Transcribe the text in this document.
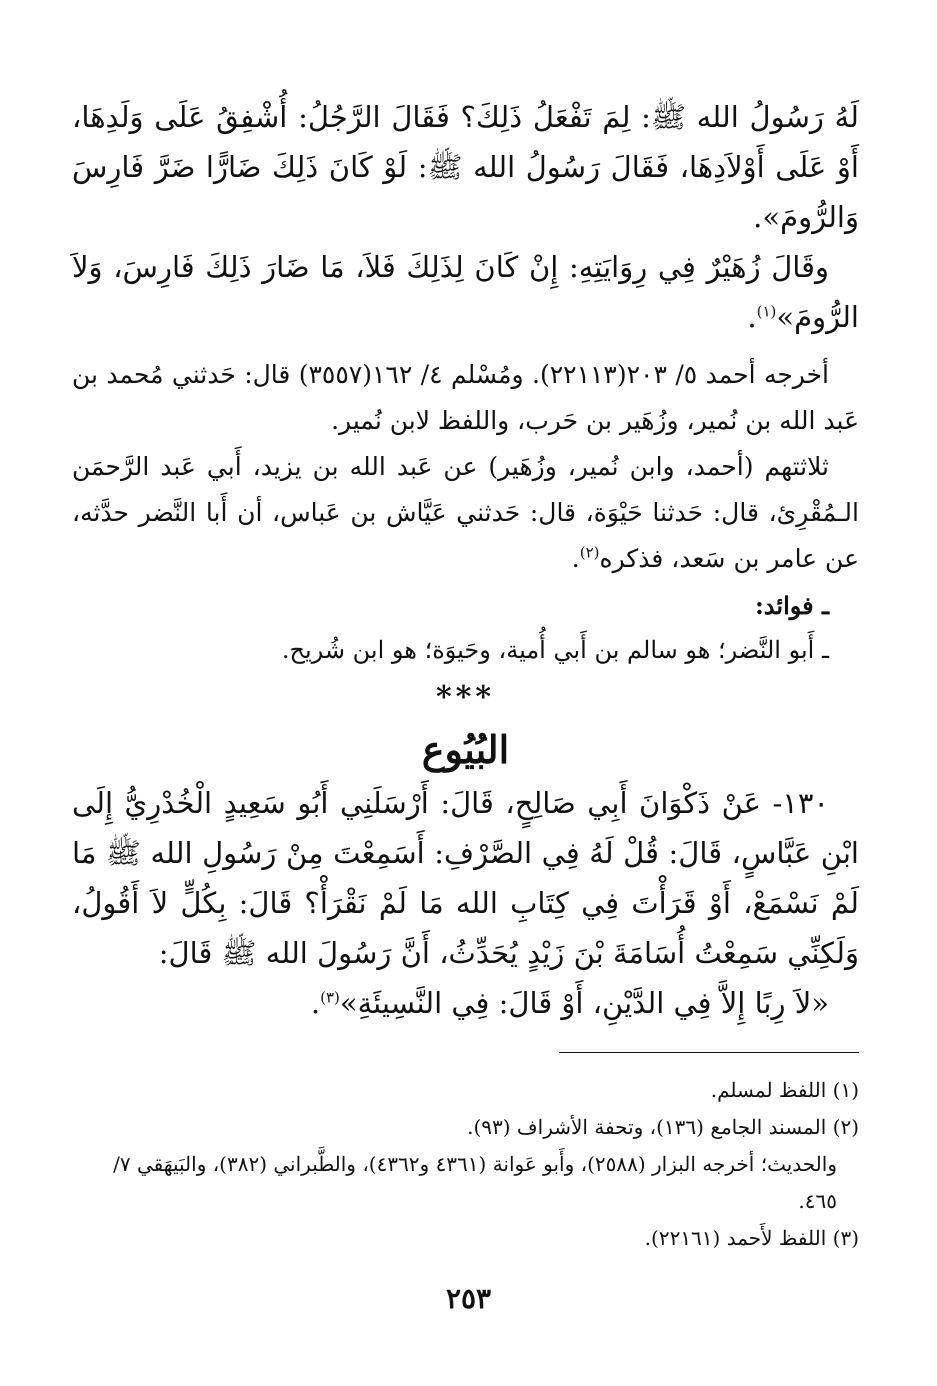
لَهُ رَسُولُ الله ﷺ: لِمَ تَفْعَلُ ذَلِكَ؟ فَقَالَ الرَّجُلُ: أُشْفِقُ عَلَى وَلَدِهَا، أَوْ عَلَى أَوْلاَدِهَا، فَقَالَ رَسُولُ الله ﷺ: لَوْ كَانَ ذَلِكَ ضَارًّا ضَرَّ فَارِسَ وَالرُّومَ».

وقَالَ زُهَيْرٌ فِي رِوَايَتِهِ: إِنْ كَانَ لِذَلِكَ فَلاَ، مَا ضَارَ ذَلِكَ فَارِسَ، وَلاَ الرُّومَ»$^{(١)}$.

أخرجه أحمد ٥/ ٢٠٣(٢٢١١٣). ومُسْلم ٤/ ١٦٢(٣٥٥٧) قال: حَدثني مُحمد بن عَبد الله بن نُمير، وزُهَير بن حَرب، واللفظ لابن نُمير.

ثلاثتهم (أحمد، وابن نُمير، وزُهَير) عن عَبد الله بن يزيد، أَبي عَبد الرَّحمَن الـمُقْرِئ، قال: حَدثنا حَيْوَة، قال: حَدثني عَيَّاش بن عَباس، أن أَبا النَّضر حدَّثه، عن عامر بن سَعد، فذكره$^{(٢)}$.

ـ فوائد:

ـ أَبو النَّضر؛ هو سالم بن أَبي أُمية، وحَيوَة؛ هو ابن شُريح.

***
البُيُوع

١٣٠- عَنْ ذَكْوَانَ أَبِي صَالِحٍ، قَالَ: أَرْسَلَنِي أَبُو سَعِيدٍ الْخُدْرِيُّ إِلَى ابْنِ عَبَّاسٍ، قَالَ: قُلْ لَهُ فِي الصَّرْفِ: أَسَمِعْتَ مِنْ رَسُولِ الله ﷺ مَا لَمْ نَسْمَعْ، أَوْ قَرَأْتَ فِي كِتَابِ الله مَا لَمْ نَقْرَأْ؟ قَالَ: بِكُلٍّ لاَ أَقُولُ، وَلَكِنِّي سَمِعْتُ أُسَامَةَ بْنَ زَيْدٍ يُحَدِّثُ، أَنَّ رَسُولَ الله ﷺ قَالَ:

«لاَ رِبًا إِلاَّ فِي الدَّيْنِ، أَوْ قَالَ: فِي النَّسِيئَةِ»$^{(٣)}$.

(١) اللفظ لمسلم.

(٢) المسند الجامع (١٣٦)، وتحفة الأشراف (٩٣).

والحديث؛ أخرجه البزار (٢٥٨٨)، وأَبو عَوانة (٤٣٦١ و٤٣٦٢)، والطَّبراني (٣٨٢)، والبَيهَقي ٧/ ٤٦٥.

(٣) اللفظ لأَحمد (٢٢١٦١).

٢٥٣
